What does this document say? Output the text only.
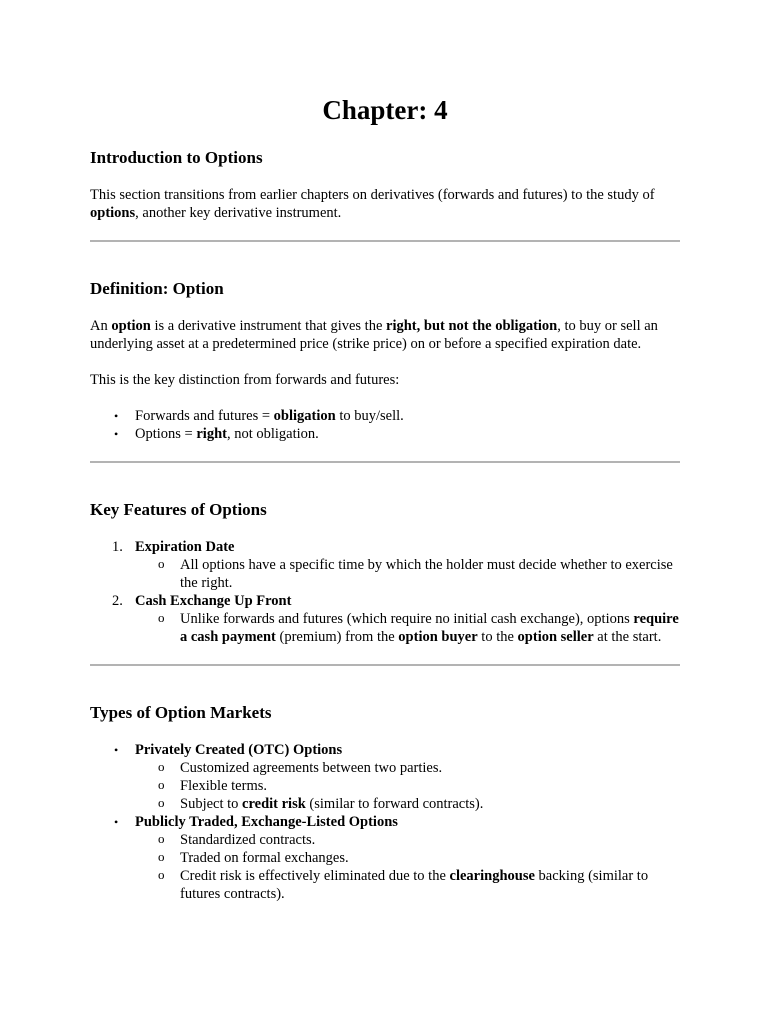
Chapter: 4
Introduction to Options

This section transitions from earlier chapters on derivatives (forwards and futures) to the study of options, another key derivative instrument.

Definition: Option

An option is a derivative instrument that gives the right, but not the obligation, to buy or sell an underlying asset at a predetermined price (strike price) on or before a specified expiration date.

This is the key distinction from forwards and futures:

• Forwards and futures = obligation to buy/sell.
• Options = right, not obligation.
Key Features of Options
1. Expiration Date
o All options have a specific time by which the holder must decide whether to exercise the right.
2. Cash Exchange Up Front
o Unlike forwards and futures (which require no initial cash exchange), options require a cash payment (premium) from the option buyer to the option seller at the start.
Types of Option Markets
• Privately Created (OTC) Options
o Customized agreements between two parties.
o Flexible terms.
o Subject to credit risk (similar to forward contracts).
• Publicly Traded, Exchange-Listed Options
o Standardized contracts.
o Traded on formal exchanges.
o Credit risk is effectively eliminated due to the clearinghouse backing (similar to futures contracts).
